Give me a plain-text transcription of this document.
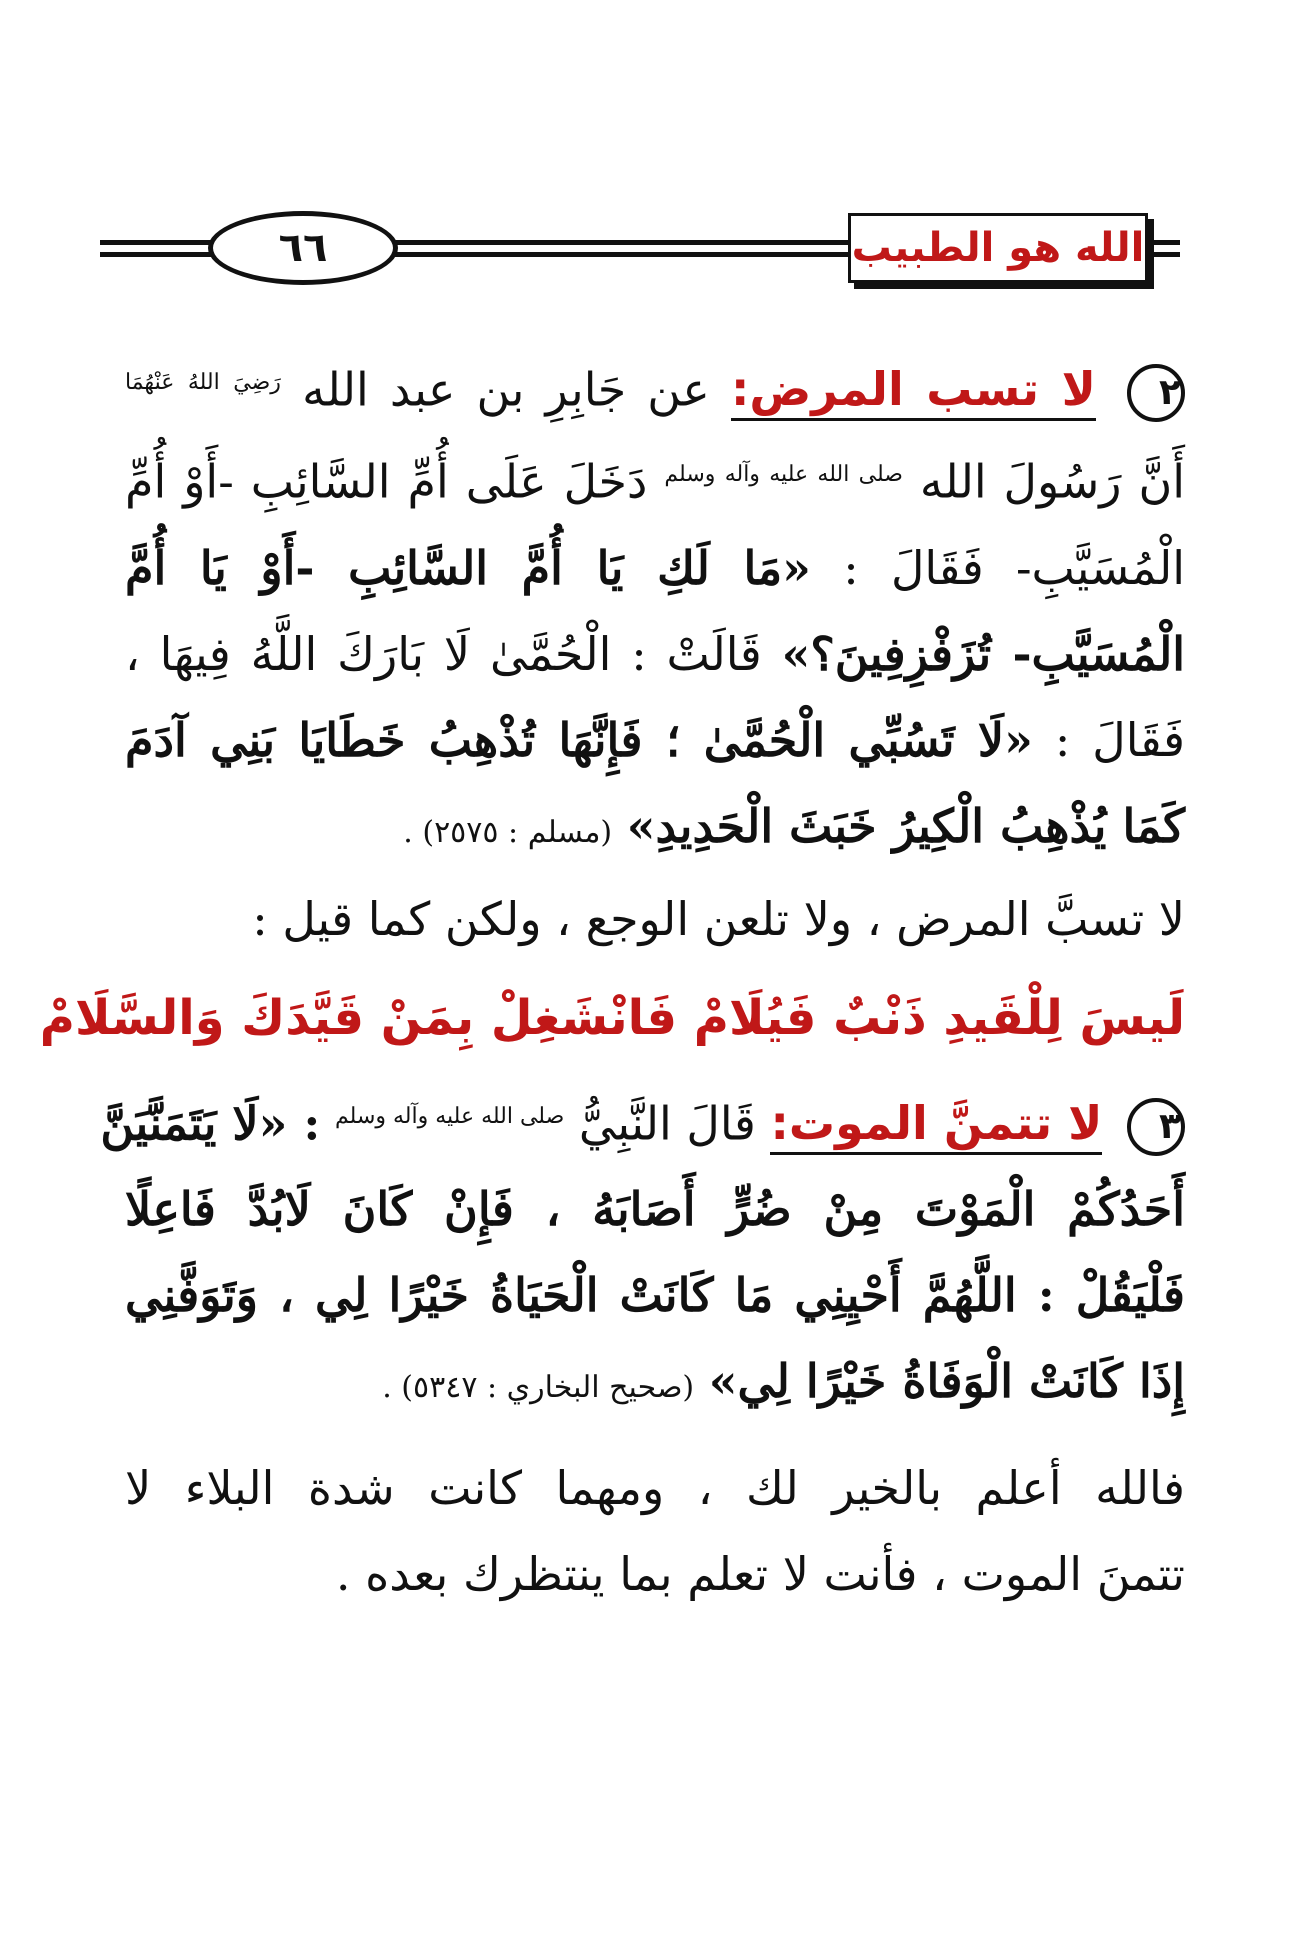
الله هو الطبيب
٦٦
٢ لا تسب المرض: عن جَابِرِ بن عبد الله $^{رَضِيَ اللهُ عَنْهُمَا}$
أَنَّ رَسُولَ الله $^{صلى الله عليه وآله وسلم}$ دَخَلَ عَلَى أُمِّ السَّائِبِ -أَوْ أُمِّ
الْمُسَيَّبِ- فَقَالَ : «مَا لَكِ يَا أُمَّ السَّائِبِ -أَوْ يَا أُمَّ
الْمُسَيَّبِ- تُزَفْزِفِينَ؟» قَالَتْ : الْحُمَّىٰ لَا بَارَكَ اللَّهُ فِيهَا ،
فَقَالَ : «لَا تَسُبِّي الْحُمَّىٰ ؛ فَإِنَّهَا تُذْهِبُ خَطَايَا بَنِي آدَمَ
كَمَا يُذْهِبُ الْكِيرُ خَبَثَ الْحَدِيدِ» (مسلم : ٢٥٧٥) .
لا تسبَّ المرض ، ولا تلعن الوجع ، ولكن كما قيل :
لَيسَ لِلْقَيدِ ذَنْبٌ فَيُلَامْ فَانْشَغِلْ بِمَنْ قَيَّدَكَ وَالسَّلَامْ
٣ لا تتمنَّ الموت: قَالَ النَّبِيُّ $^{صلى الله عليه وآله وسلم}$ : «لَا يَتَمَنَّيَنَّ
أَحَدُكُمْ الْمَوْتَ مِنْ ضُرٍّ أَصَابَهُ ، فَإِنْ كَانَ لَابُدَّ فَاعِلًا
فَلْيَقُلْ : اللَّهُمَّ أَحْيِنِي مَا كَانَتْ الْحَيَاةُ خَيْرًا لِي ، وَتَوَفَّنِي
إِذَا كَانَتْ الْوَفَاةُ خَيْرًا لِي» (صحيح البخاري : ٥٣٤٧) .
فالله أعلم بالخير لك ، ومهما كانت شدة البلاء لا
تتمنَ الموت ، فأنت لا تعلم بما ينتظرك بعده .
